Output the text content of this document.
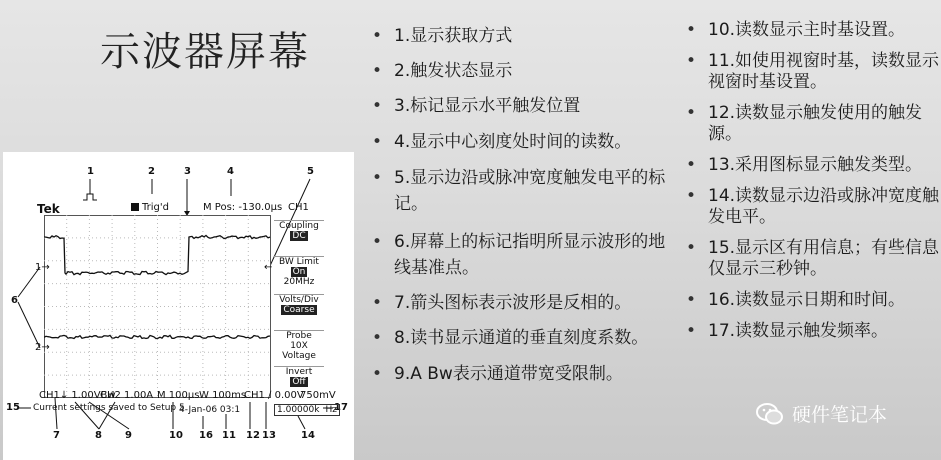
示波器屏幕
•	1.显示获取方式
• 2.触发状态显示
• 3.标记显示水平触发位置
• 4.显示中心刻度处时间的读数。
• 5.显示边沿或脉冲宽度触发电平的标记。
• 6.屏幕上的标记指明所显示波形的地线基准点。
• 7.箭头图标表示波形是反相的。
• 8.读书显示通道的垂直刻度系数。
• 9.A Bw表示通道带宽受限制。
• 10.读数显示主时基设置。
• 11.如使用视窗时基，读数显示视窗时基设置。
• 12.读数显示触发使用的触发源。
• 13.采用图标显示触发类型。
• 14.读数显示边沿或脉冲宽度触发电平。
• 15.显示区有用信息；有些信息仅显示三秒钟。
• 16.读数显示日期和时间。
• 17.读数显示触发频率。
1	2	3	4	5
6
7	8 9	10	11 12 13	14
15
16
17
Tek	Trig'd	M Pos: -130.0µs CH1
1→
2→
←
Coupling
DC
BW Limit
On
20MHz
Volts/Div
Coarse
Probe
10X
Voltage
Invert
Off
CH1↓ 1.00VBw
CH2 1.00A M 100µs W 100ms
CH1 ∕ 0.00V
750mV
Current settings saved to Setup 5
4-Jan-06 03:1	1.00000k Hz	硬件笔记本
